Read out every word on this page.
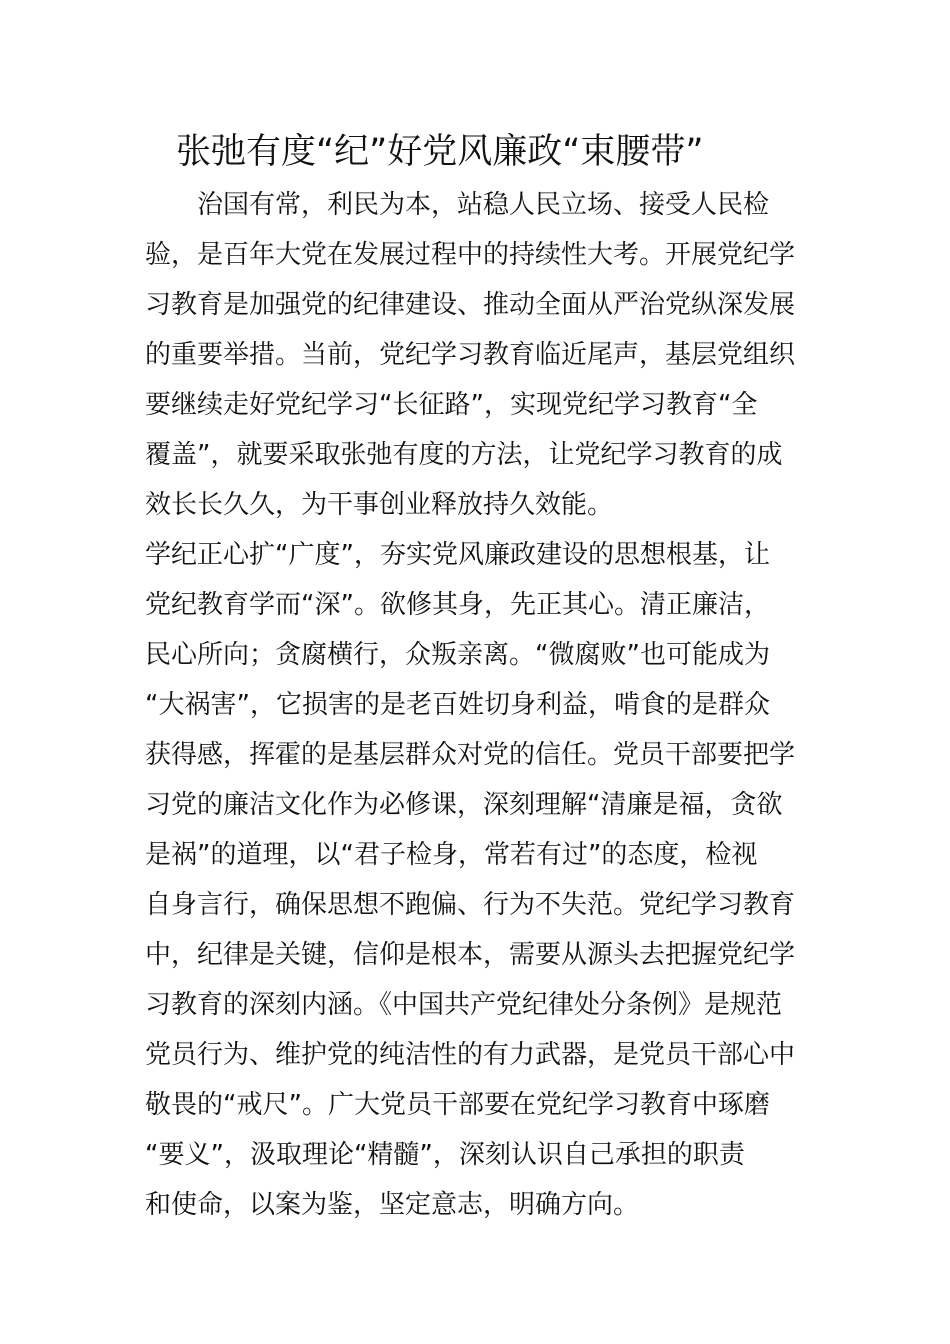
张弛有度“纪”好党风廉政“束腰带”
　　治国有常，利民为本，站稳人民立场、接受人民检
验，是百年大党在发展过程中的持续性大考。开展党纪学
习教育是加强党的纪律建设、推动全面从严治党纵深发展
的重要举措。当前，党纪学习教育临近尾声，基层党组织
要继续走好党纪学习“长征路”，实现党纪学习教育“全
覆盖”，就要采取张弛有度的方法，让党纪学习教育的成
效长长久久，为干事创业释放持久效能。
学纪正心扩“广度”，夯实党风廉政建设的思想根基，让
党纪教育学而“深”。欲修其身，先正其心。清正廉洁，
民心所向；贪腐横行，众叛亲离。“微腐败”也可能成为
“大祸害”，它损害的是老百姓切身利益，啃食的是群众
获得感，挥霍的是基层群众对党的信任。党员干部要把学
习党的廉洁文化作为必修课，深刻理解“清廉是福，贪欲
是祸”的道理，以“君子检身，常若有过”的态度，检视
自身言行，确保思想不跑偏、行为不失范。党纪学习教育
中，纪律是关键，信仰是根本，需要从源头去把握党纪学
习教育的深刻内涵。《中国共产党纪律处分条例》是规范
党员行为、维护党的纯洁性的有力武器，是党员干部心中
敬畏的“戒尺”。广大党员干部要在党纪学习教育中琢磨
“要义”，汲取理论“精髓”，深刻认识自己承担的职责
和使命，以案为鉴，坚定意志，明确方向。
